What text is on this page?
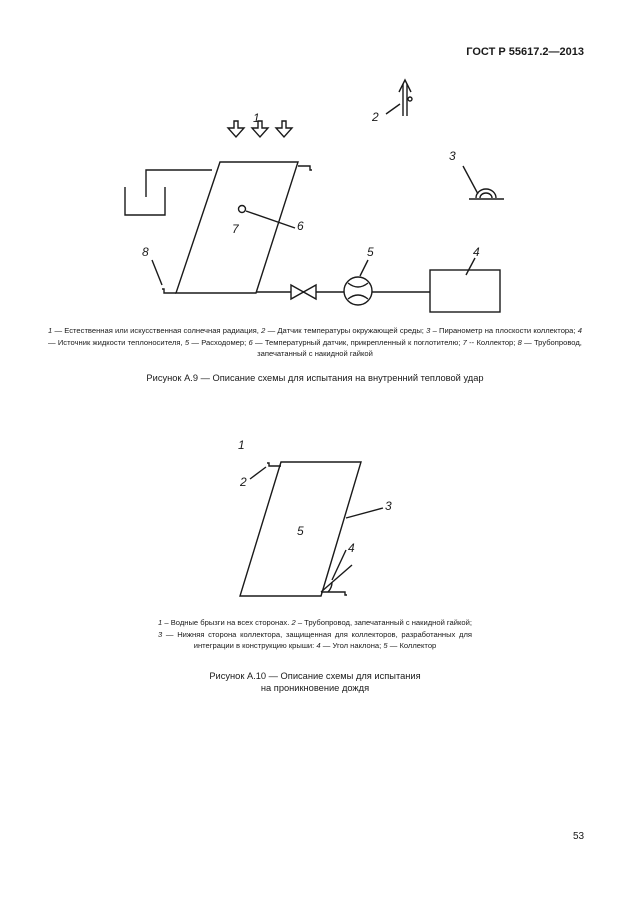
ГОСТ Р 55617.2—2013
1	2
3
4
5
6
7
8
1 — Естественная или искусственная солнечная радиация, 2 — Датчик температуры окружающей среды; 3 – Пиранометр на плоскости коллектора; 4 — Источник жидкости теплоносителя, 5 — Расходомер; 6 — Температурный датчик, прикрепленный к поглотителю; 7 -- Коллектор; 8 — Трубопровод, запечатанный с накидной гайкой
Рисунок А.9 — Описание схемы для испытания на внутренний тепловой удар
1
2
3
4
5
1 – Водные брызги на всех сторонах. 2 – Трубопровод, запечатанный с накидной гайкой; 3 — Нижняя сторона коллектора, защищенная для коллекторов, разработанных для интеграции в конструкцию крыши: 4 — Угол наклона; 5 — Коллектор
Рисунок А.10 — Описание схемы для испытания
на проникновение дождя
53
